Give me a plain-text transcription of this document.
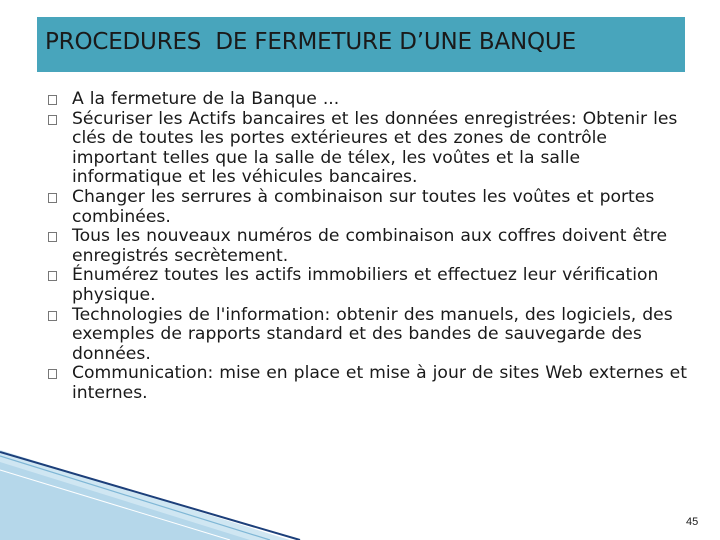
PROCEDURES  DE FERMETURE D’UNE BANQUE
A la fermeture de la Banque ...
Sécuriser les Actifs bancaires et les données enregistrées: Obtenir les clés de toutes les portes extérieures et des zones de contrôle important telles que la salle de télex, les voûtes et la salle informatique et les véhicules bancaires.
Changer les serrures à combinaison sur toutes les voûtes et portes combinées.
Tous les nouveaux numéros de combinaison aux coffres doivent être enregistrés secrètement.
Énumérez toutes les actifs immobiliers et effectuez leur vérification physique.
Technologies de l'information: obtenir des manuels, des logiciels, des exemples de rapports standard et des bandes de sauvegarde des données.
Communication: mise en place et mise à jour de sites Web externes et internes.
45
